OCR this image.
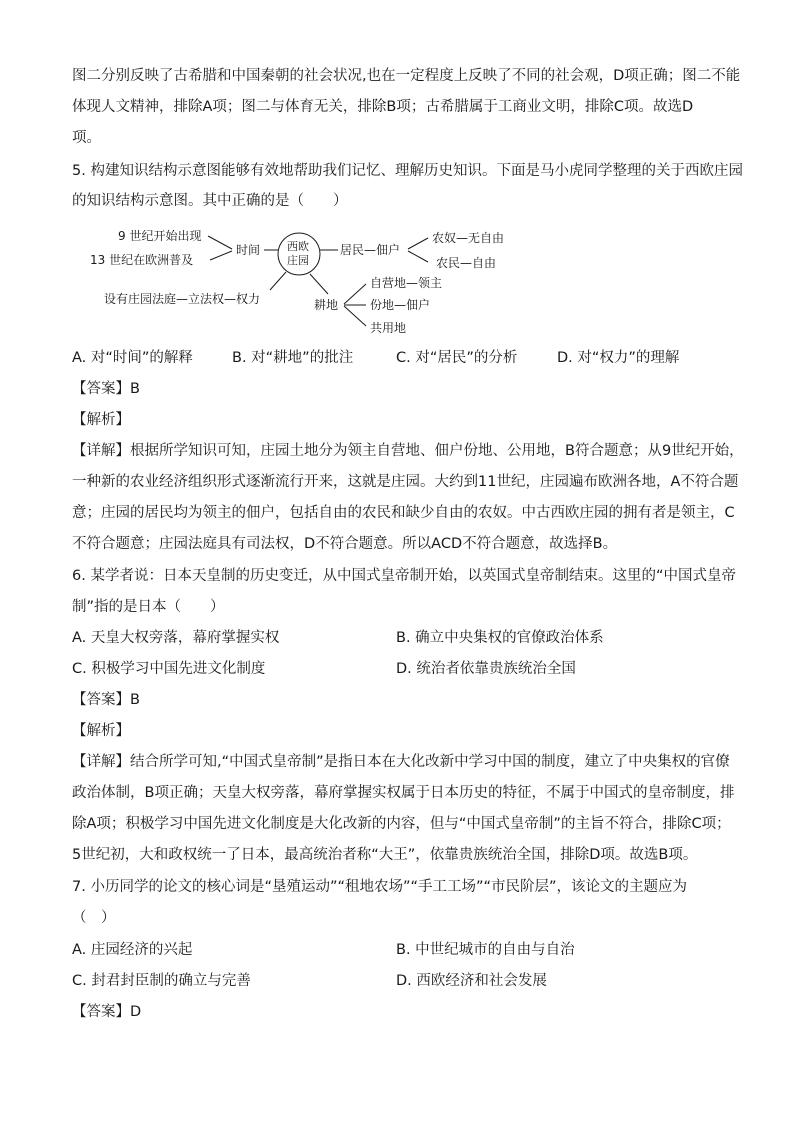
图二分别反映了古希腊和中国秦朝的社会状况,也在一定程度上反映了不同的社会观，D项正确；图二不能
体现人文精神，排除A项；图二与体育无关，排除B项；古希腊属于工商业文明，排除C项。故选D
项。
5. 构建知识结构示意图能够有效地帮助我们记忆、理解历史知识。下面是马小虎同学整理的关于西欧庄园
的知识结构示意图。其中正确的是（　　）
9 世纪开始出现
13 世纪在欧洲普及
时间 西欧
庄园
居民—佃户
农奴—无自由
农民—自由
设有庄园法庭—立法权—权力	耕地
自营地—领主
份地—佃户
共用地
A. 对“时间”的解释	B. 对“耕地”的批注	C. 对“居民”的分析	D. 对“权力”的理解
【答案】B
【解析】
【详解】根据所学知识可知，庄园土地分为领主自营地、佃户份地、公用地，B符合题意；从9世纪开始，
一种新的农业经济组织形式逐渐流行开来，这就是庄园。大约到11世纪，庄园遍布欧洲各地，A不符合题
意；庄园的居民均为领主的佃户，包括自由的农民和缺少自由的农奴。中古西欧庄园的拥有者是领主，C
不符合题意；庄园法庭具有司法权，D不符合题意。所以ACD不符合题意，故选择B。
6. 某学者说：日本天皇制的历史变迁，从中国式皇帝制开始，以英国式皇帝制结束。这里的“中国式皇帝
制”指的是日本（　　）
A. 天皇大权旁落，幕府掌握实权	B. 确立中央集权的官僚政治体系
C. 积极学习中国先进文化制度	D. 统治者依靠贵族统治全国
【答案】B
【解析】
【详解】结合所学可知,“中国式皇帝制”是指日本在大化改新中学习中国的制度，建立了中央集权的官僚
政治体制，B项正确；天皇大权旁落，幕府掌握实权属于日本历史的特征，不属于中国式的皇帝制度，排
除A项；积极学习中国先进文化制度是大化改新的内容，但与“中国式皇帝制”的主旨不符合，排除C项；
5世纪初，大和政权统一了日本，最高统治者称“大王”，依靠贵族统治全国，排除D项。故选B项。
7. 小历同学的论文的核心词是“垦殖运动”“租地农场”“手工工场”“市民阶层”，该论文的主题应为
（　）
A. 庄园经济的兴起	B. 中世纪城市的自由与自治
C. 封君封臣制的确立与完善	D. 西欧经济和社会发展
【答案】D
